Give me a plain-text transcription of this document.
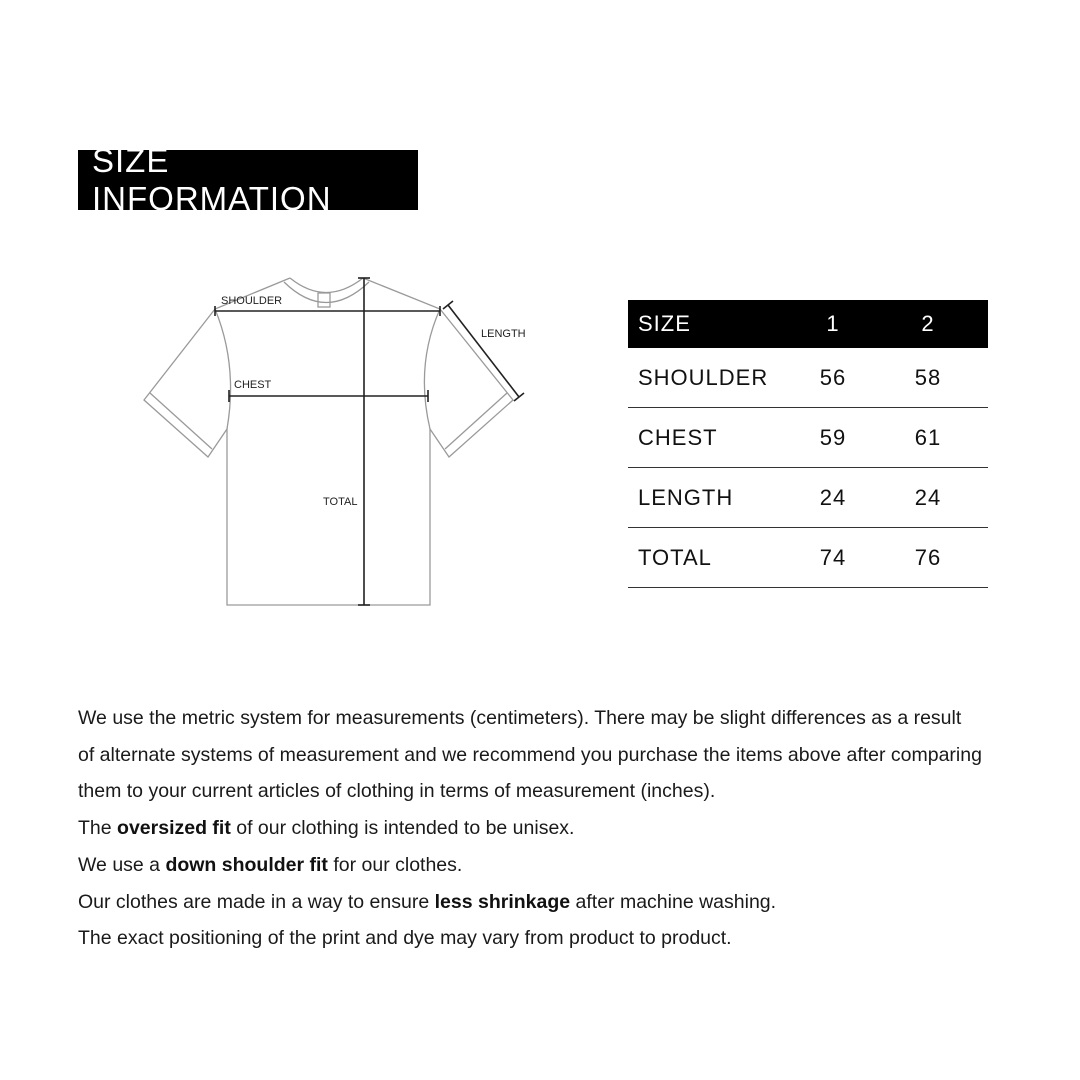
SIZE INFORMATION
SHOULDER
LENGTH
CHEST
TOTAL
SIZE	1	2
SHOULDER	56	58
CHEST	59	61
LENGTH	24	24
TOTAL	74	76

We use the metric system for measurements (centimeters). There may be slight differences as a result

of alternate systems of measurement and we recommend you purchase the items above after comparing

them to your current articles of clothing in terms of measurement (inches).

The oversized fit of our clothing is intended to be unisex.

We use a down shoulder fit for our clothes.

Our clothes are made in a way to ensure less shrinkage after machine washing.

The exact positioning of the print and dye may vary from product to product.
